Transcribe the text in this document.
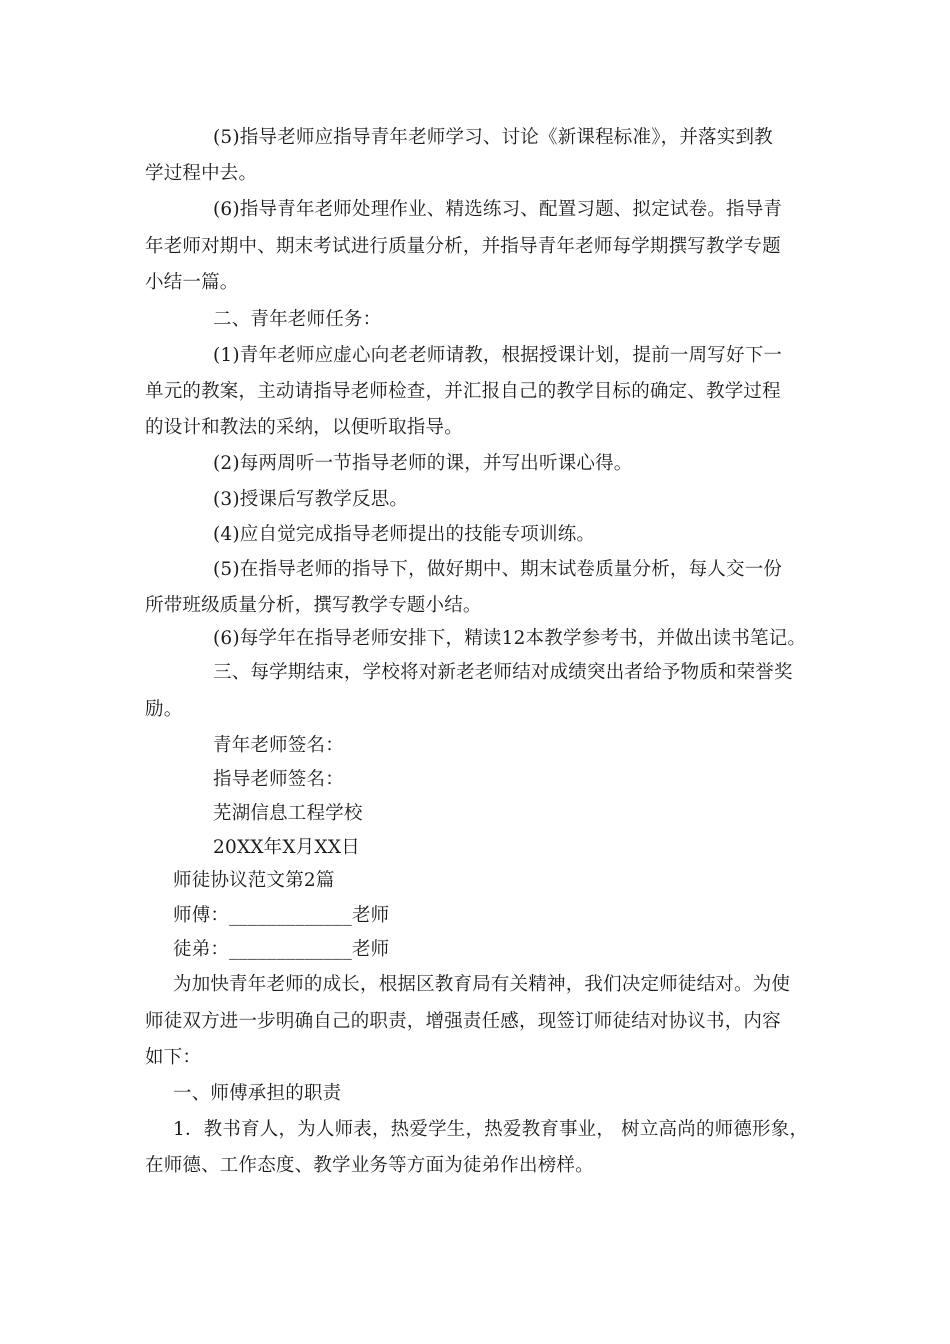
(5)指导老师应指导青年老师学习、讨论《新课程标准》，并落实到教
学过程中去。
(6)指导青年老师处理作业、精选练习、配置习题、拟定试卷。指导青
年老师对期中、期末考试进行质量分析，并指导青年老师每学期撰写教学专题
小结一篇。
二、青年老师任务：
(1)青年老师应虚心向老老师请教，根据授课计划，提前一周写好下一
单元的教案，主动请指导老师检查，并汇报自己的教学目标的确定、教学过程
的设计和教法的采纳，以便听取指导。
(2)每两周听一节指导老师的课，并写出听课心得。
(3)授课后写教学反思。
(4)应自觉完成指导老师提出的技能专项训练。
(5)在指导老师的指导下，做好期中、期末试卷质量分析，每人交一份
所带班级质量分析，撰写教学专题小结。
(6)每学年在指导老师安排下，精读12本教学参考书，并做出读书笔记。
三、每学期结束，学校将对新老老师结对成绩突出者给予物质和荣誉奖
励。
青年老师签名：
指导老师签名：
芜湖信息工程学校
20XX年X月XX日
师徒协议范文第2篇
师傅：_____________老师
徒弟：_____________老师
为加快青年老师的成长，根据区教育局有关精神，我们决定师徒结对。为使
师徒双方进一步明确自己的职责，增强责任感，现签订师徒结对协议书，内容
如下：
一、师傅承担的职责
1．教书育人，为人师表，热爱学生，热爱教育事业， 树立高尚的师德形象，
在师德、工作态度、教学业务等方面为徒弟作出榜样。
